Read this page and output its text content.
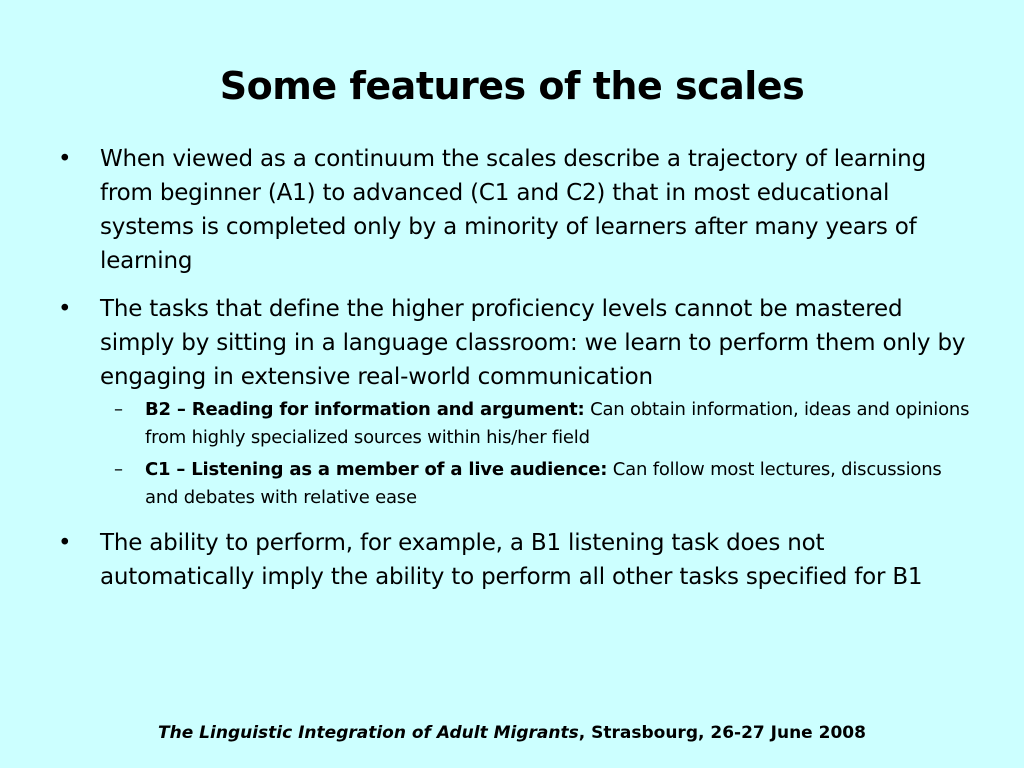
Some features of the scales
• When viewed as a continuum the scales describe a trajectory of learning from beginner (A1) to advanced (C1 and C2) that in most educational systems is completed only by a minority of learners after many years of learning
• The tasks that define the higher proficiency levels cannot be mastered simply by sitting in a language classroom: we learn to perform them only by engaging in extensive real-world communication
– B2 – Reading for information and argument: Can obtain information, ideas and opinions from highly specialized sources within his/her field
– C1 – Listening as a member of a live audience: Can follow most lectures, discussions and debates with relative ease
• The ability to perform, for example, a B1 listening task does not automatically imply the ability to perform all other tasks specified for B1
The Linguistic Integration of Adult Migrants, Strasbourg, 26-27 June 2008
